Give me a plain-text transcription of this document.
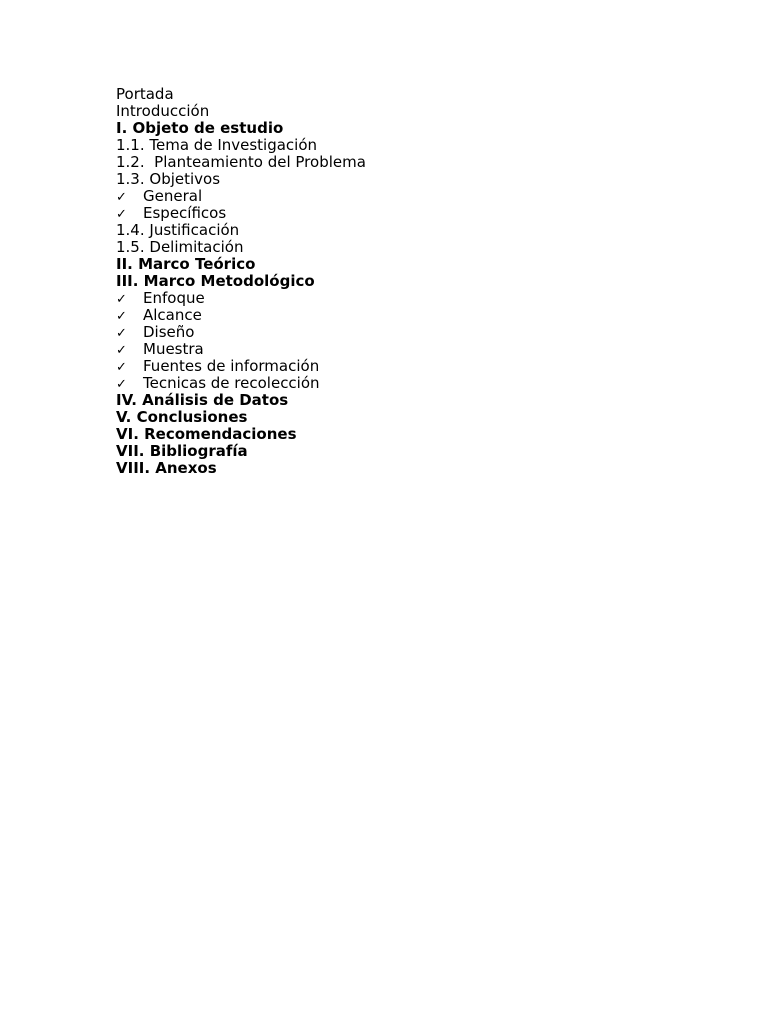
Portada
Introducción
I. Objeto de estudio
1.1. Tema de Investigación
1.2.  Planteamiento del Problema
1.3. Objetivos
✓	General
✓	Específicos
1.4. Justificación
1.5. Delimitación
II. Marco Teórico
III. Marco Metodológico
✓	Enfoque
✓	Alcance
✓	Diseño
✓	Muestra
✓	Fuentes de información
✓	Tecnicas de recolección
IV. Análisis de Datos
V. Conclusiones
VI. Recomendaciones
VII. Bibliografía
VIII. Anexos
